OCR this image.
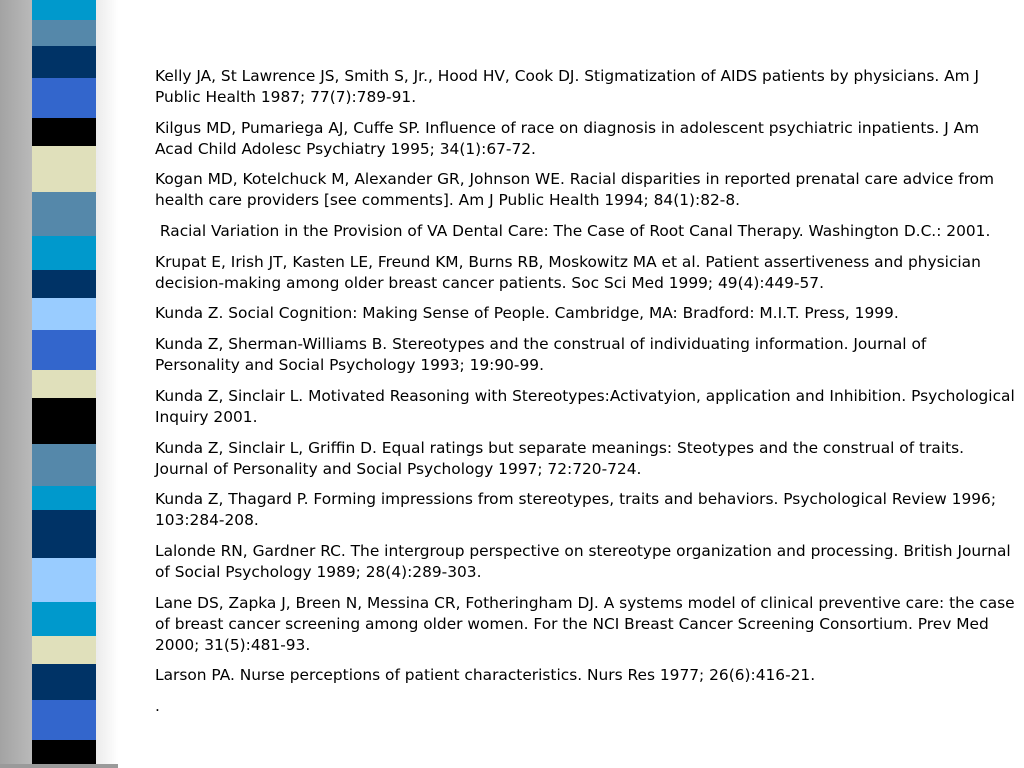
Kelly JA, St Lawrence JS, Smith S, Jr., Hood HV, Cook DJ. Stigmatization of AIDS patients by physicians. Am J Public Health 1987; 77(7):789-91.
Kilgus MD, Pumariega AJ, Cuffe SP. Influence of race on diagnosis in adolescent psychiatric inpatients. J Am Acad Child Adolesc Psychiatry 1995; 34(1):67-72.
Kogan MD, Kotelchuck M, Alexander GR, Johnson WE. Racial disparities in reported prenatal care advice from health care providers [see comments]. Am J Public Health 1994; 84(1):82-8.
Racial Variation in the Provision of VA Dental Care: The Case of Root Canal Therapy. Washington D.C.: 2001.
Krupat E, Irish JT, Kasten LE, Freund KM, Burns RB, Moskowitz MA et al. Patient assertiveness and physician decision-making among older breast cancer patients. Soc Sci Med 1999; 49(4):449-57.
Kunda Z. Social Cognition: Making Sense of People. Cambridge, MA: Bradford: M.I.T. Press, 1999.
Kunda Z, Sherman-Williams B. Stereotypes and the construal of individuating information. Journal of Personality and Social Psychology 1993; 19:90-99.
Kunda Z, Sinclair L. Motivated Reasoning with Stereotypes:Activatyion, application and Inhibition. Psychological Inquiry 2001.
Kunda Z, Sinclair L, Griffin D. Equal ratings but separate meanings: Steotypes and the construal of traits. Journal of Personality and Social Psychology 1997; 72:720-724.
Kunda Z, Thagard P. Forming impressions from stereotypes, traits and behaviors. Psychological Review 1996; 103:284-208.
Lalonde RN, Gardner RC. The intergroup perspective on stereotype organization and processing. British Journal of Social Psychology 1989; 28(4):289-303.
Lane DS, Zapka J, Breen N, Messina CR, Fotheringham DJ. A systems model of clinical preventive care: the case of breast cancer screening among older women. For the NCI Breast Cancer Screening Consortium. Prev Med 2000; 31(5):481-93.
Larson PA. Nurse perceptions of patient characteristics. Nurs Res 1977; 26(6):416-21.
.
